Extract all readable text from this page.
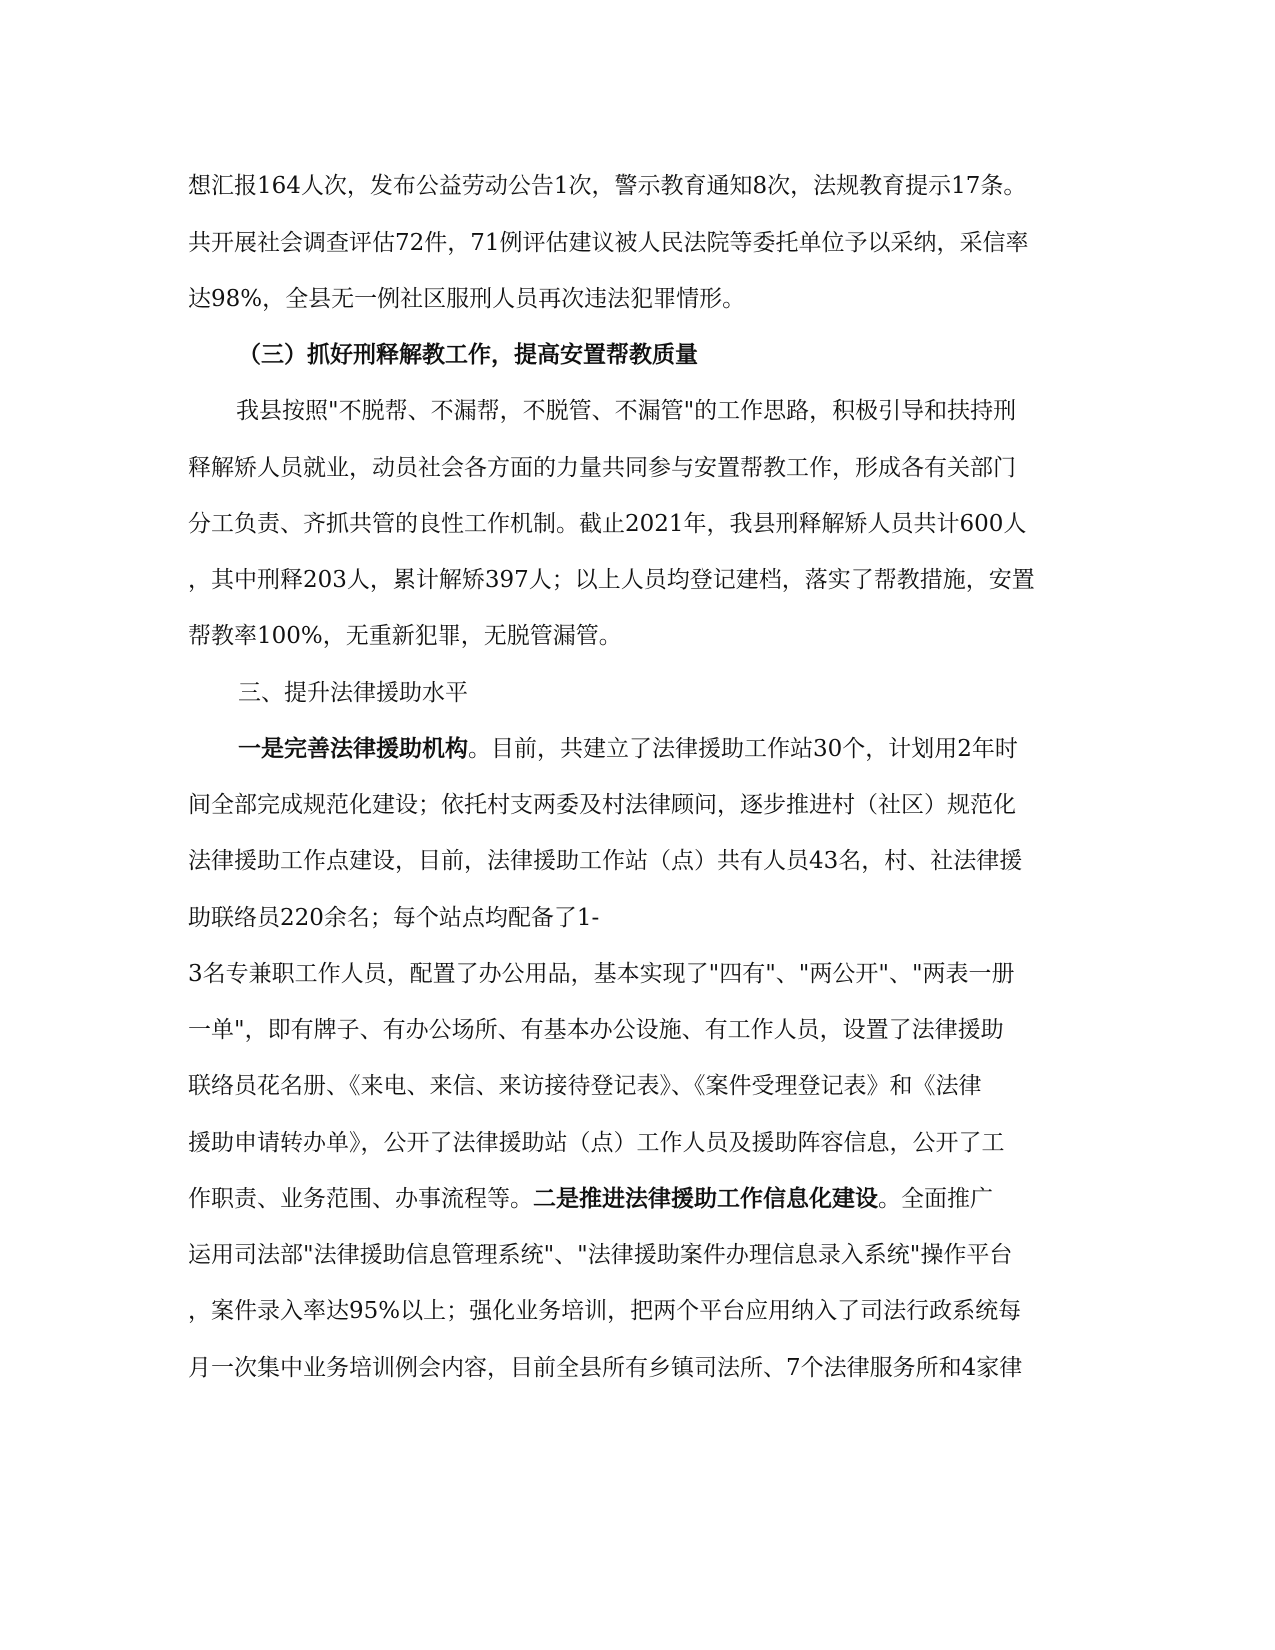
想汇报164人次，发布公益劳动公告1次，警示教育通知8次，法规教育提示17条。
共开展社会调查评估72件，71例评估建议被人民法院等委托单位予以采纳，采信率
达98%，全县无一例社区服刑人员再次违法犯罪情形。
（三）抓好刑释解教工作，提高安置帮教质量
我县按照"不脱帮、不漏帮，不脱管、不漏管"的工作思路，积极引导和扶持刑
释解矫人员就业，动员社会各方面的力量共同参与安置帮教工作，形成各有关部门
分工负责、齐抓共管的良性工作机制。截止2021年，我县刑释解矫人员共计600人
，其中刑释203人，累计解矫397人；以上人员均登记建档，落实了帮教措施，安置
帮教率100%，无重新犯罪，无脱管漏管。
三、提升法律援助水平
一是完善法律援助机构。目前，共建立了法律援助工作站30个，计划用2年时
间全部完成规范化建设；依托村支两委及村法律顾问，逐步推进村（社区）规范化
法律援助工作点建设，目前，法律援助工作站（点）共有人员43名，村、社法律援
助联络员220余名；每个站点均配备了1-
3名专兼职工作人员，配置了办公用品，基本实现了"四有"、"两公开"、"两表一册
一单"，即有牌子、有办公场所、有基本办公设施、有工作人员，设置了法律援助
联络员花名册、《来电、来信、来访接待登记表》、《案件受理登记表》和《法律
援助申请转办单》，公开了法律援助站（点）工作人员及援助阵容信息，公开了工
作职责、业务范围、办事流程等。二是推进法律援助工作信息化建设。全面推广
运用司法部"法律援助信息管理系统"、"法律援助案件办理信息录入系统"操作平台
，案件录入率达95%以上；强化业务培训，把两个平台应用纳入了司法行政系统每
月一次集中业务培训例会内容，目前全县所有乡镇司法所、7个法律服务所和4家律
